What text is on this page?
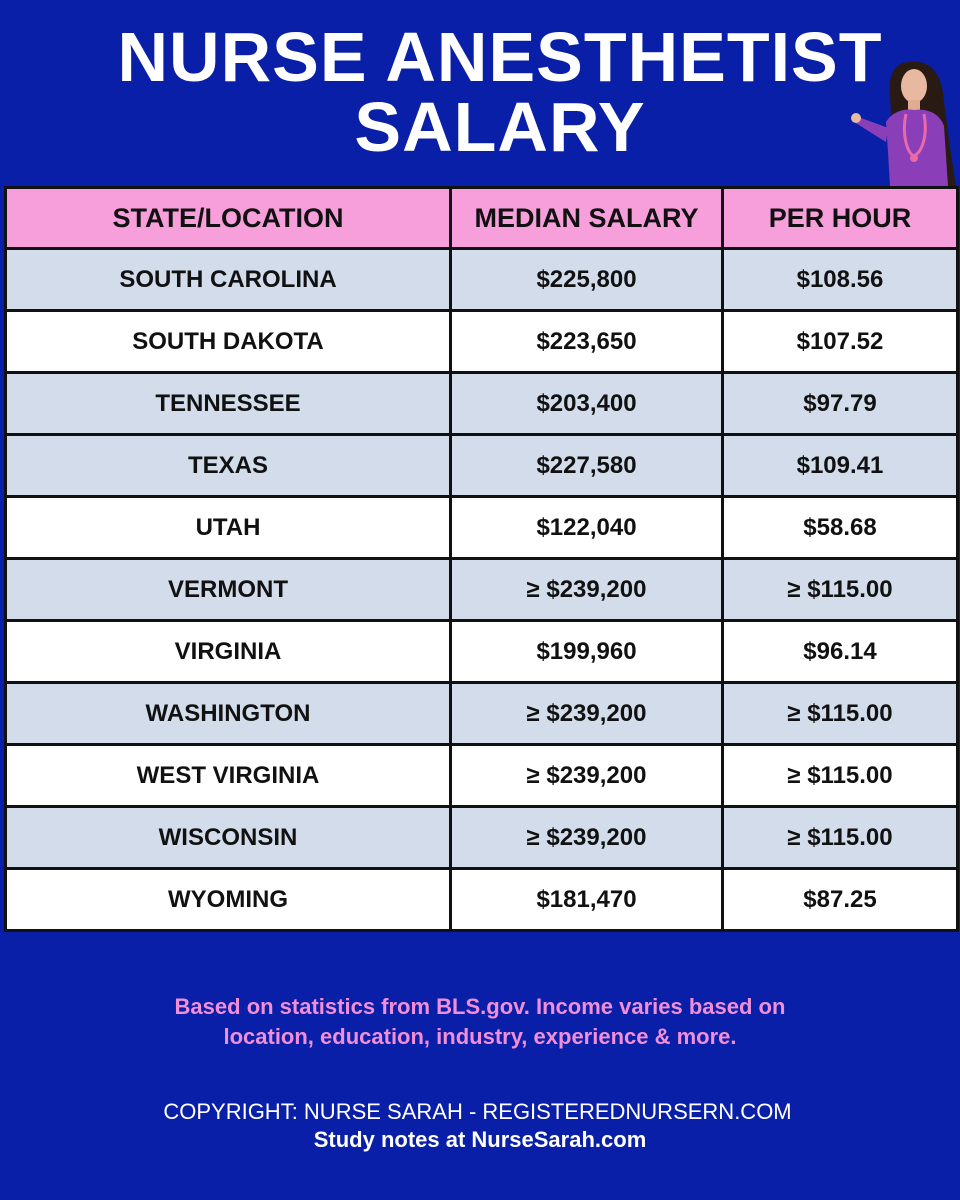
NURSE ANESTHETIST
SALARY
STATE/LOCATION	MEDIAN SALARY	PER HOUR
SOUTH CAROLINA	$225,800	$108.56
SOUTH DAKOTA	$223,650	$107.52
TENNESSEE	$203,400	$97.79
TEXAS	$227,580	$109.41
UTAH	$122,040	$58.68
VERMONT	≥ $239,200	≥ $115.00
VIRGINIA	$199,960	$96.14
WASHINGTON	≥ $239,200	≥ $115.00
WEST VIRGINIA	≥ $239,200	≥ $115.00
WISCONSIN	≥ $239,200	≥ $115.00
WYOMING	$181,470	$87.25
Based on statistics from BLS.gov. Income varies based on
location, education, industry, experience & more.
COPYRIGHT: NURSE SARAH - REGISTEREDNURSERN.COM
Study notes at NurseSarah.com
